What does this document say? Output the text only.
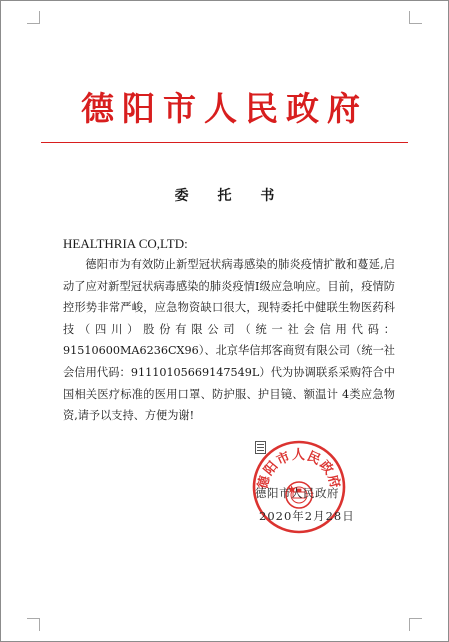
德阳市人民政府
委 托 书
HEALTHRIA CO,LTD:

德阳市为有效防止新型冠状病毒感染的肺炎疫情扩散和蔓延,启动了应对新型冠状病毒感染的肺炎疫情Ⅰ级应急响应。目前，疫情防控形势非常严峻，应急物资缺口很大，现特委托中健联生物医药科技（四川）股份有限公司（统一社会信用代码：91510600MA6236CX96）、北京华信邦客商贸有限公司（统一社会信用代码：91110105669147549L）代为协调联系采购符合中国相关医疗标准的医用口罩、防护服、护目镜、额温计 4类应急物资,请予以支持、方便为谢!

德阳市人民政府
德阳市人民政府
2020年2月28日
